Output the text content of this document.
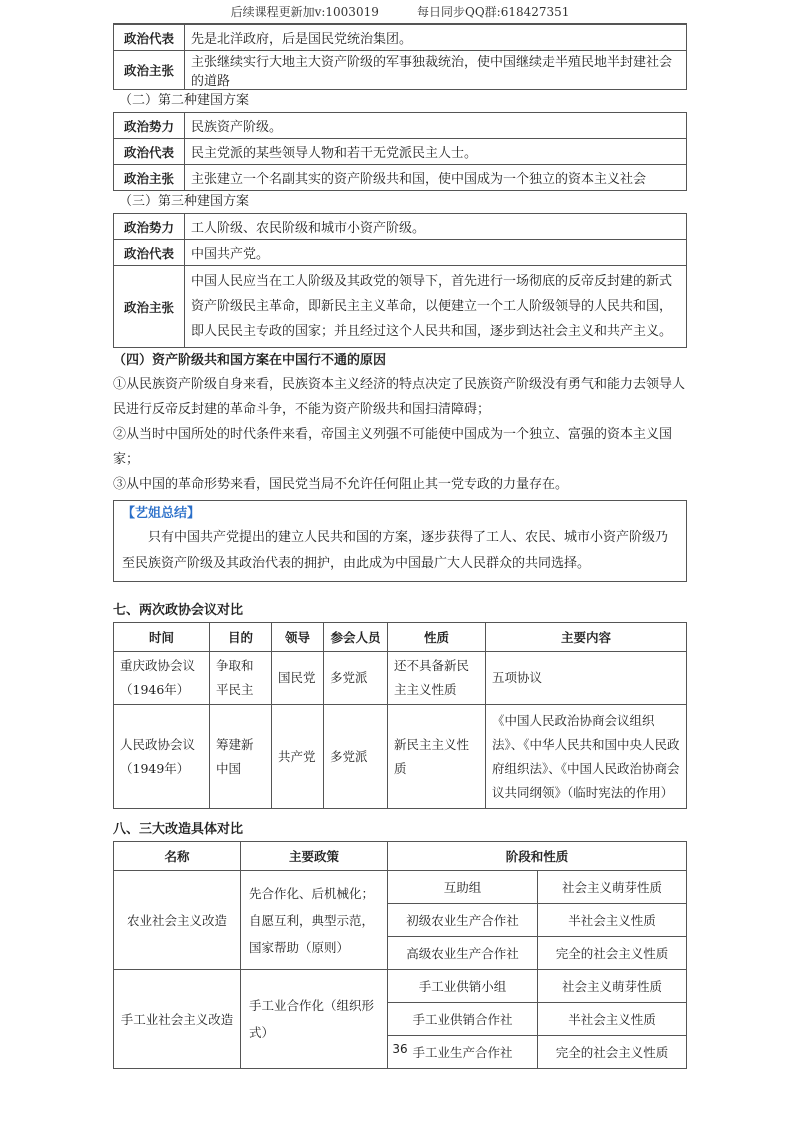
后续课程更新加v:1003019          每日同步QQ群:618427351
政治代表	先是北洋政府，后是国民党统治集团。
政治主张	主张继续实行大地主大资产阶级的军事独裁统治，使中国继续走半殖民地半封建社会的道路
（二）第二种建国方案
政治势力	民族资产阶级。
政治代表	民主党派的某些领导人物和若干无党派民主人士。
政治主张	主张建立一个名副其实的资产阶级共和国，使中国成为一个独立的资本主义社会
（三）第三种建国方案
政治势力	工人阶级、农民阶级和城市小资产阶级。
政治代表	中国共产党。
政治主张	中国人民应当在工人阶级及其政党的领导下，首先进行一场彻底的反帝反封建的新式资产阶级民主革命，即新民主主义革命，以便建立一个工人阶级领导的人民共和国，即人民民主专政的国家；并且经过这个人民共和国，逐步到达社会主义和共产主义。
（四）资产阶级共和国方案在中国行不通的原因
①从民族资产阶级自身来看，民族资本主义经济的特点决定了民族资产阶级没有勇气和能力去领导人民进行反帝反封建的革命斗争，不能为资产阶级共和国扫清障碍；
②从当时中国所处的时代条件来看，帝国主义列强不可能使中国成为一个独立、富强的资本主义国家；
③从中国的革命形势来看，国民党当局不允许任何阻止其一党专政的力量存在。
【艺姐总结】
只有中国共产党提出的建立人民共和国的方案，逐步获得了工人、农民、城市小资产阶级乃至民族资产阶级及其政治代表的拥护，由此成为中国最广大人民群众的共同选择。
七、两次政协会议对比
时间	目的	领导	参会人员	性质	主要内容
重庆政协会议（1946年）	争取和平民主	国民党	多党派	还不具备新民主主义性质	五项协议
人民政协会议（1949年）	筹建新中国	共产党	多党派	新民主主义性质	《中国人民政治协商会议组织法》、《中华人民共和国中央人民政府组织法》、《中国人民政治协商会议共同纲领》（临时宪法的作用）
八、三大改造具体对比
名称	主要政策	阶段和性质	
农业社会主义改造	先合作化、后机械化；自愿互利，典型示范，国家帮助（原则）	互助组	社会主义萌芽性质
		初级农业生产合作社	半社会主义性质
		高级农业生产合作社	完全的社会主义性质
手工业社会主义改造	手工业合作化（组织形式）	手工业供销小组	社会主义萌芽性质
		手工业供销合作社	半社会主义性质
		手工业生产合作社	完全的社会主义性质
36
